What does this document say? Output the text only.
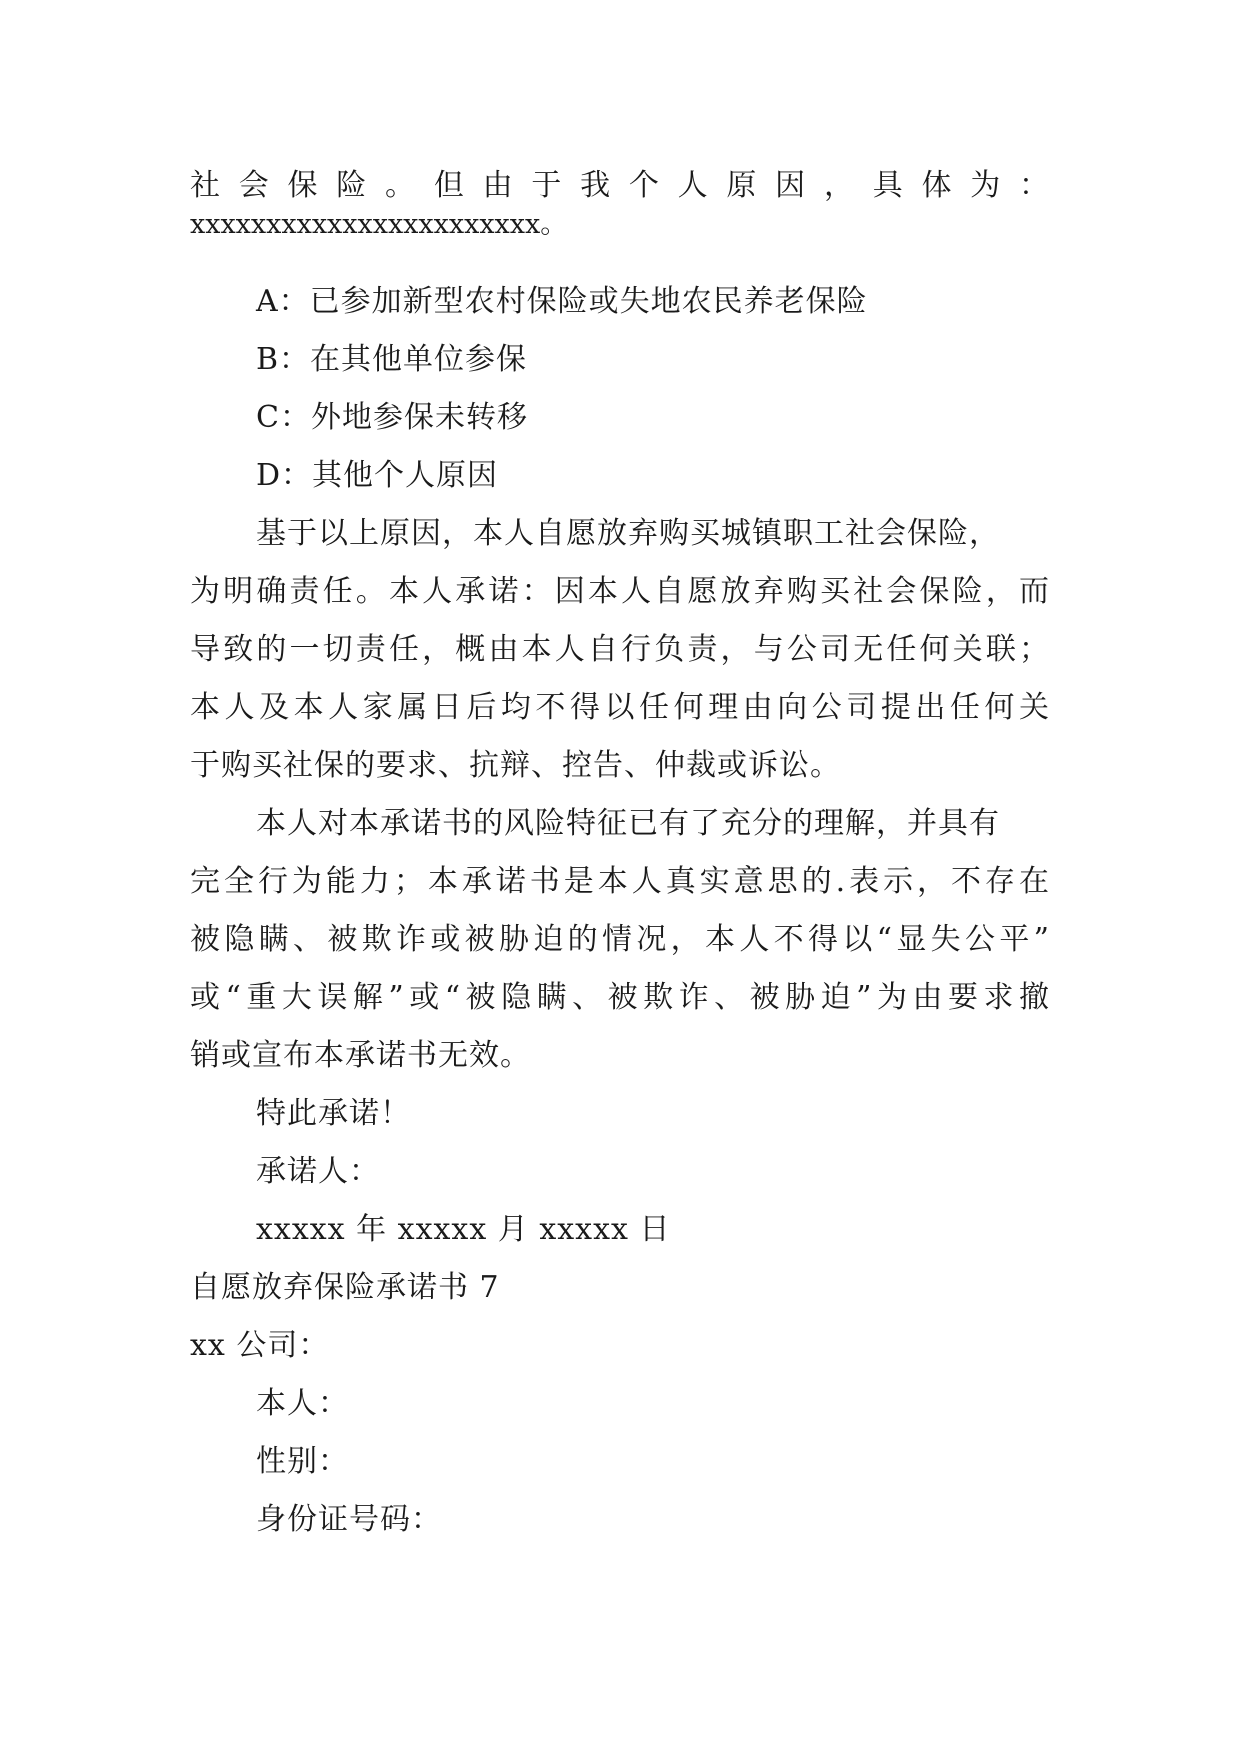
社会保险。但由于我个人原因，具体为：
xxxxxxxxxxxxxxxxxxxxxxx。
A：已参加新型农村保险或失地农民养老保险
B：在其他单位参保
C：外地参保未转移
D：其他个人原因
基于以上原因，本人自愿放弃购买城镇职工社会保险，
为明确责任。本人承诺：因本人自愿放弃购买社会保险，而
导致的一切责任，概由本人自行负责，与公司无任何关联；
本人及本人家属日后均不得以任何理由向公司提出任何关
于购买社保的要求、抗辩、控告、仲裁或诉讼。
本人对本承诺书的风险特征已有了充分的理解，并具有
完全行为能力；本承诺书是本人真实意思的.表示，不存在
被隐瞒、被欺诈或被胁迫的情况，本人不得以“显失公平”
或“重大误解”或“被隐瞒、被欺诈、被胁迫”为由要求撤
销或宣布本承诺书无效。
特此承诺！
承诺人：
xxxxx 年 xxxxx 月 xxxxx 日
自愿放弃保险承诺书 7
xx 公司：
本人：
性别：
身份证号码：
